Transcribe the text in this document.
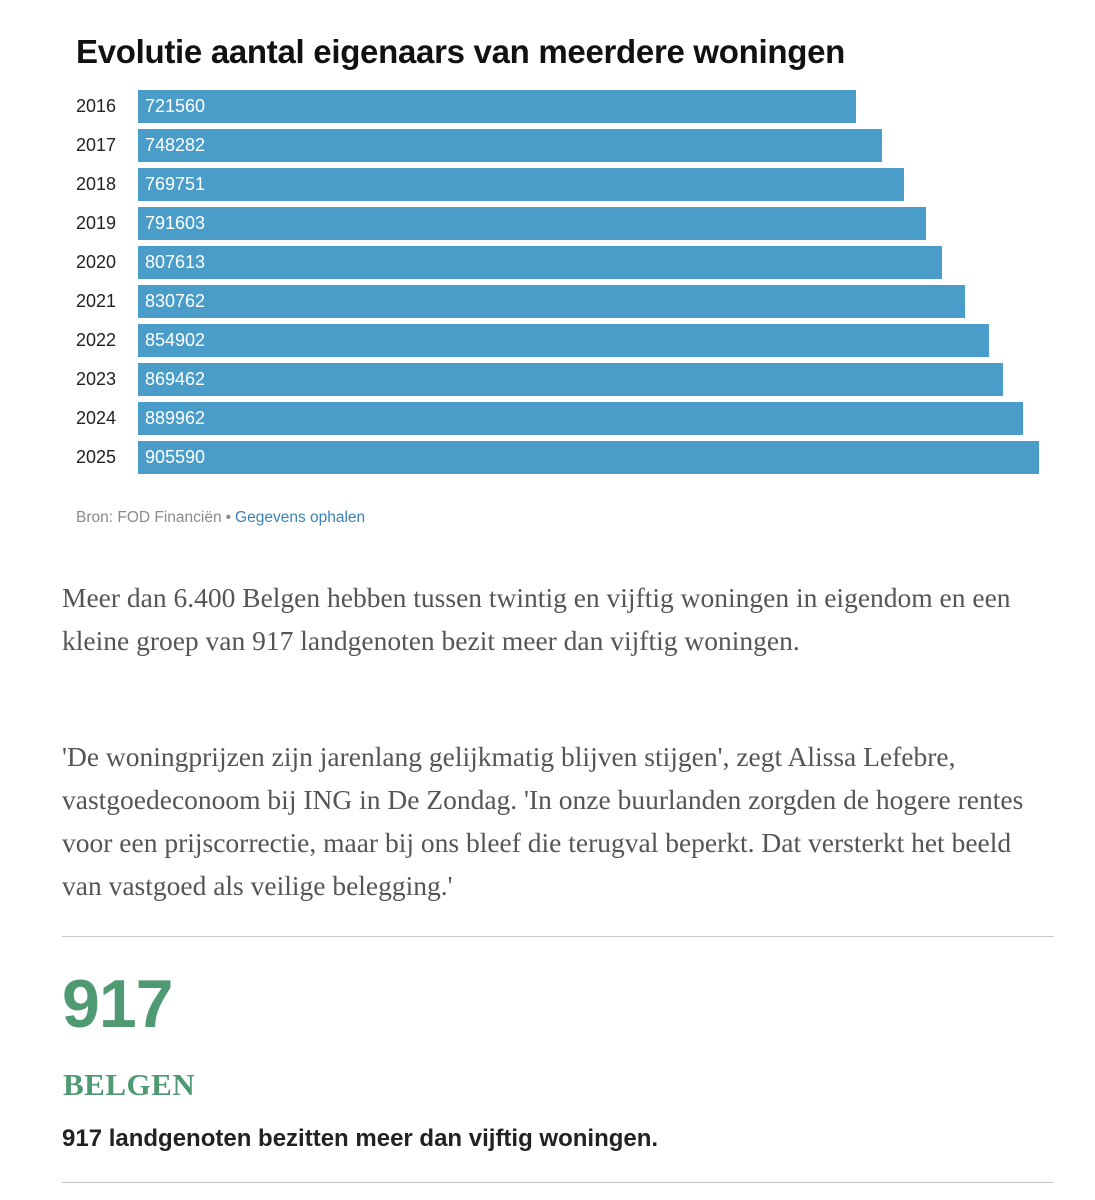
Evolutie aantal eigenaars van meerdere woningen
2016 721560
2017 748282
2018 769751
2019 791603
2020 807613
2021 830762
2022 854902
2023 869462
2024 889962
2025 905590
Bron: FOD Financiën • Gegevens ophalen

Meer dan 6.400 Belgen hebben tussen twintig en vijftig woningen in eigendom en een kleine groep van 917 landgenoten bezit meer dan vijftig woningen.

'De woningprijzen zijn jarenlang gelijkmatig blijven stijgen', zegt Alissa Lefebre, vastgoedeconoom bij ING in De Zondag. 'In onze buurlanden zorgden de hogere rentes voor een prijscorrectie, maar bij ons bleef die terugval beperkt. Dat versterkt het beeld van vastgoed als veilige belegging.'

917
BELGEN
917 landgenoten bezitten meer dan vijftig woningen.
